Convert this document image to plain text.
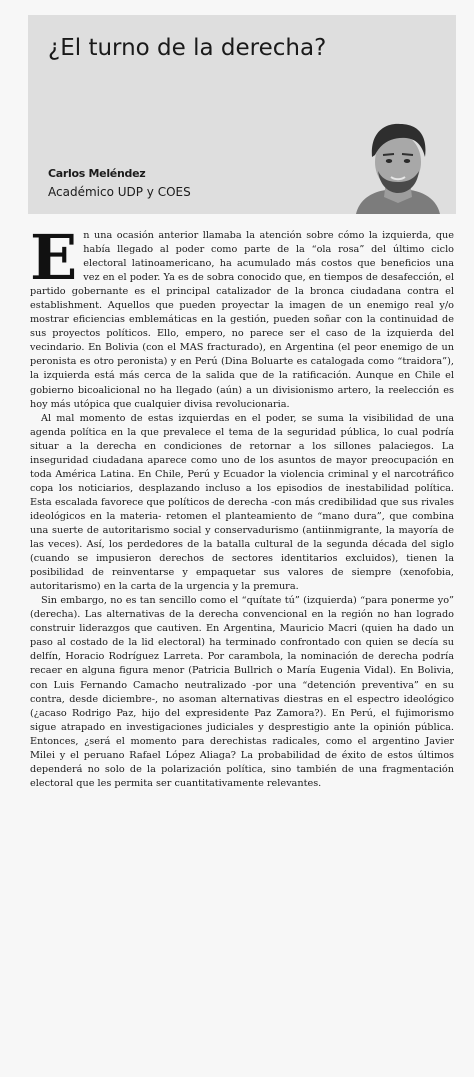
¿El turno de la derecha?
Carlos Meléndez
Académico UDP y COES

En una ocasión anterior llamaba la atención sobre cómo la izquierda, que había llegado al poder como parte de la “ola rosa” del último ciclo electoral latinoamericano, ha acumulado más costos que beneficios una vez en el poder. Ya es de sobra conocido que, en tiempos de desafección, el partido gobernante es el principal catalizador de la bronca ciudadana contra el establishment. Aquellos que pueden proyectar la imagen de un enemigo real y/o mostrar eficiencias emblemáticas en la gestión, pueden soñar con la continuidad de sus proyectos políticos. Ello, empero, no parece ser el caso de la izquierda del vecindario. En Bolivia (con el MAS fracturado), en Argentina (el peor enemigo de un peronista es otro peronista) y en Perú (Dina Boluarte es catalogada como “traidora”), la izquierda está más cerca de la salida que de la ratificación. Aunque en Chile el gobierno bicoalicional no ha llegado (aún) a un divisionismo artero, la reelección es hoy más utópica que cualquier divisa revolucionaria.

Al mal momento de estas izquierdas en el poder, se suma la visibilidad de una agenda política en la que prevalece el tema de la seguridad pública, lo cual podría situar a la derecha en condiciones de retornar a los sillones palaciegos. La inseguridad ciudadana aparece como uno de los asuntos de mayor preocupación en toda América Latina. En Chile, Perú y Ecuador la violencia criminal y el narcotráfico copa los noticiarios, desplazando incluso a los episodios de inestabilidad política. Esta escalada favorece que políticos de derecha -con más credibilidad que sus rivales ideológicos en la materia- retomen el planteamiento de “mano dura”, que combina una suerte de autoritarismo social y conservadurismo (antiinmigrante, la mayoría de las veces). Así, los perdedores de la batalla cultural de la segunda década del siglo (cuando se impusieron derechos de sectores identitarios excluidos), tienen la posibilidad de reinventarse y empaquetar sus valores de siempre (xenofobia, autoritarismo) en la carta de la urgencia y la premura.

Sin embargo, no es tan sencillo como el “quítate tú” (izquierda) “para ponerme yo” (derecha). Las alternativas de la derecha convencional en la región no han logrado construir liderazgos que cautiven. En Argentina, Mauricio Macri (quien ha dado un paso al costado de la lid electoral) ha terminado confrontado con quien se decía su delfín, Horacio Rodríguez Larreta. Por carambola, la nominación de derecha podría recaer en alguna figura menor (Patricia Bullrich o María Eugenia Vidal). En Bolivia, con Luis Fernando Camacho neutralizado -por una “detención preventiva” en su contra, desde diciembre-, no asoman alternativas diestras en el espectro ideológico (¿acaso Rodrigo Paz, hijo del expresidente Paz Zamora?). En Perú, el fujimorismo sigue atrapado en investigaciones judiciales y desprestigio ante la opinión pública. Entonces, ¿será el momento para derechistas radicales, como el argentino Javier Milei y el peruano Rafael López Aliaga? La probabilidad de éxito de estos últimos dependerá no solo de la polarización política, sino también de una fragmentación electoral que les permita ser cuantitativamente relevantes.
